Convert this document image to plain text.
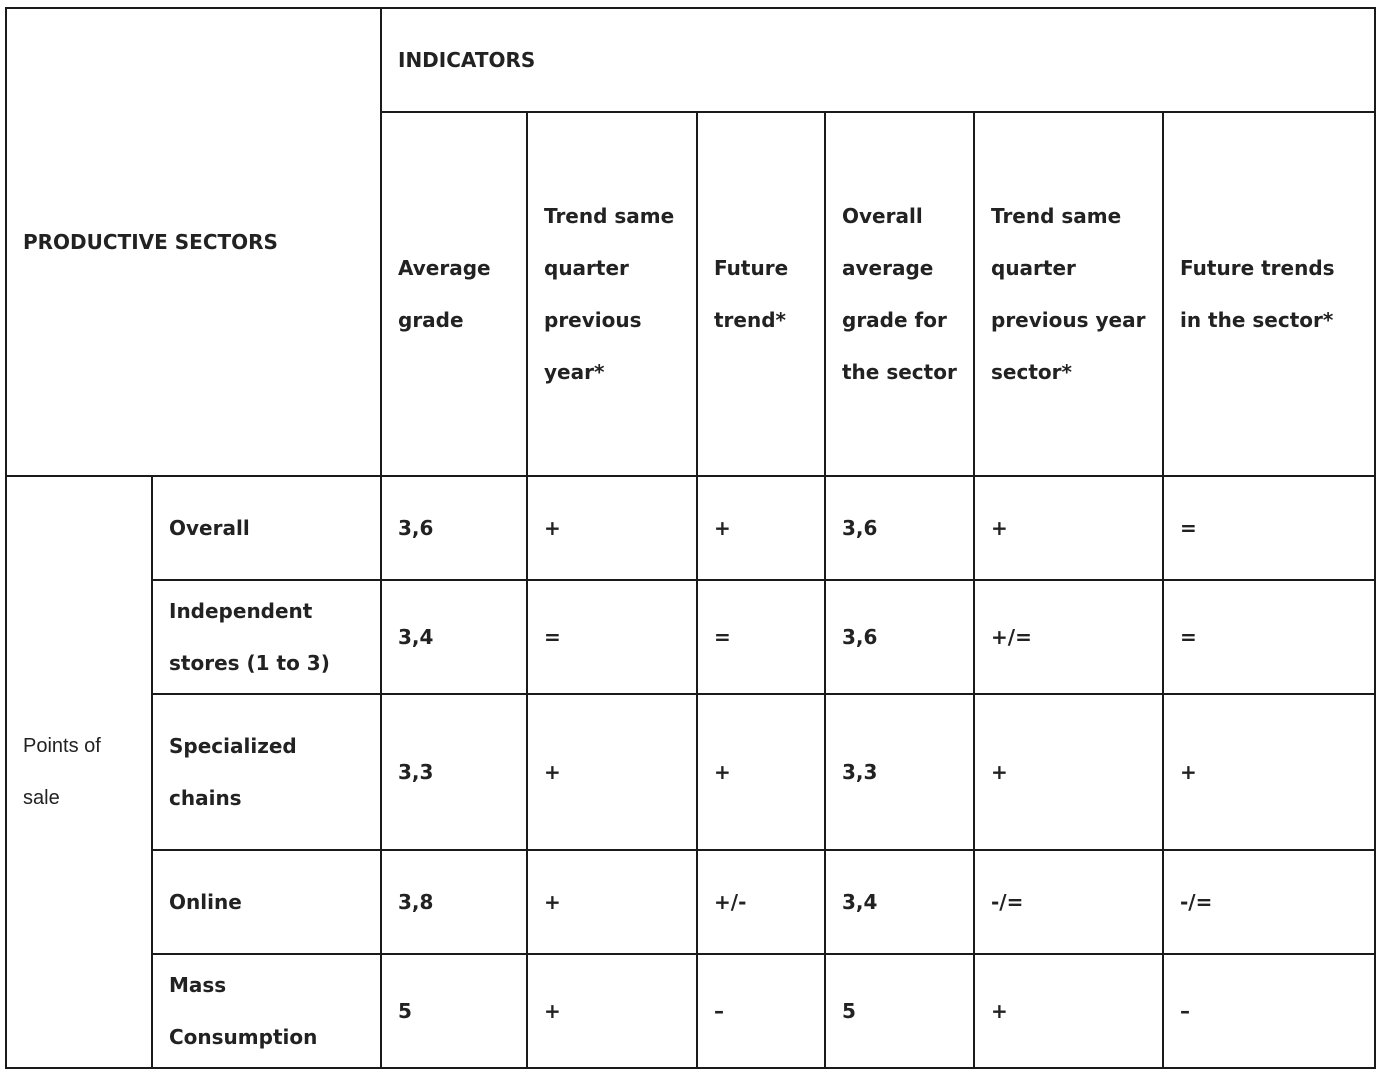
PRODUCTIVE SECTORS		INDICATORS					
		Average grade	Trend same quarter previous year*	Future trend*	Overall average grade for the sector	Trend same quarter previous year sector*	Future trends in the sector*
Points of sale	Overall	3,6	+	+	3,6	+	=
	Independent stores (1 to 3)	3,4	=	=	3,6	+/=	=
	Specialized chains	3,3	+	+	3,3	+	+
	Online	3,8	+	+/-	3,4	-/=	-/=
	Mass Consumption	5	+	–	5	+	–
